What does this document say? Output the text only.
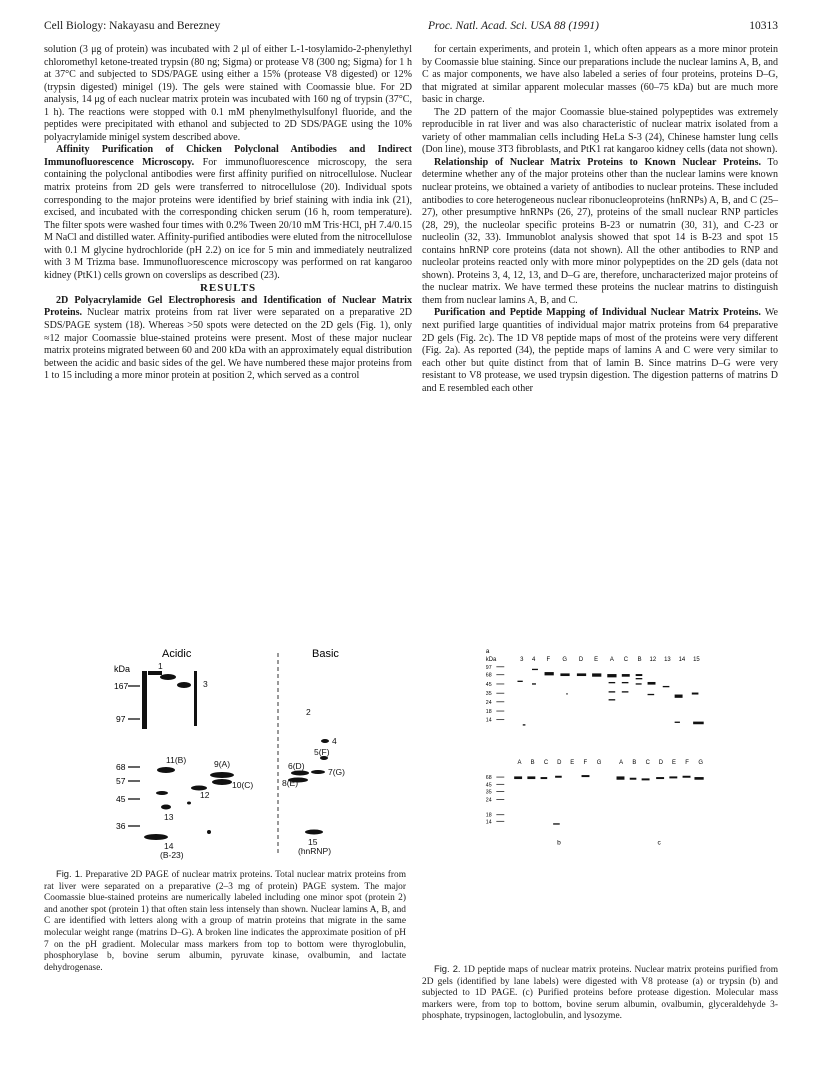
Cell Biology: Nakayasu and Berezney	Proc. Natl. Acad. Sci. USA 88 (1991)	10313

solution (3 μg of protein) was incubated with 2 μl of either L-1-tosylamido-2-phenylethyl chloromethyl ketone-treated trypsin (80 ng; Sigma) or protease V8 (300 ng; Sigma) for 1 h at 37°C and subjected to SDS/PAGE using either a 15% (protease V8 digested) or 12% (trypsin digested) minigel (19). The gels were stained with Coomassie blue. For 2D analysis, 14 μg of each nuclear matrix protein was incubated with 160 ng of trypsin (37°C, 1 h). The reactions were stopped with 0.1 mM phenylmethylsulfonyl fluoride, and the peptides were precipitated with ethanol and subjected to 2D SDS/PAGE using the 10% polyacrylamide minigel system described above.

Affinity Purification of Chicken Polyclonal Antibodies and Indirect Immunofluorescence Microscopy. For immunofluorescence microscopy, the sera containing the polyclonal antibodies were first affinity purified on nitrocellulose. Nuclear matrix proteins from 2D gels were transferred to nitrocellulose (20). Individual spots corresponding to the major proteins were identified by brief staining with india ink (21), excised, and incubated with the corresponding chicken serum (16 h, room temperature). The filter spots were washed four times with 0.2% Tween 20/10 mM Tris·HCl, pH 7.4/0.15 M NaCl and distilled water. Affinity-purified antibodies were eluted from the nitrocellulose with 0.1 M glycine hydrochloride (pH 2.2) on ice for 5 min and immediately neutralized with 3 M Trizma base. Immunofluorescence microscopy was performed on rat kangaroo kidney (PtK1) cells grown on coverslips as described (23).

RESULTS

2D Polyacrylamide Gel Electrophoresis and Identification of Nuclear Matrix Proteins. Nuclear matrix proteins from rat liver were separated on a preparative 2D SDS/PAGE system (18). Whereas >50 spots were detected on the 2D gels (Fig. 1), only ≈12 major Coomassie blue-stained proteins were present. Most of these major nuclear matrix proteins migrated between 60 and 200 kDa with an approximately equal distribution between the acidic and basic sides of the gel. We have numbered these major proteins from 1 to 15 including a more minor protein at position 2, which served as a control

for certain experiments, and protein 1, which often appears as a more minor protein by Coomassie blue staining. Since our preparations include the nuclear lamins A, B, and C as major components, we have also labeled a series of four proteins, proteins D–G, that migrated at similar apparent molecular masses (60–75 kDa) but are much more basic in charge.

The 2D pattern of the major Coomassie blue-stained polypeptides was extremely reproducible in rat liver and was also characteristic of nuclear matrix isolated from a variety of other mammalian cells including HeLa S-3 (24), Chinese hamster lung cells (Don line), mouse 3T3 fibroblasts, and PtK1 rat kangaroo kidney cells (data not shown).

Relationship of Nuclear Matrix Proteins to Known Nuclear Proteins. To determine whether any of the major proteins other than the nuclear lamins were known nuclear proteins, we obtained a variety of antibodies to nuclear proteins. These included antibodies to core heterogeneous nuclear ribonucleoproteins (hnRNPs) A, B, and C (25–27), other presumptive hnRNPs (26, 27), proteins of the small nuclear RNP particles (28, 29), the nucleolar specific proteins B-23 or numatrin (30, 31), and C-23 or nucleolin (32, 33). Immunoblot analysis showed that spot 14 is B-23 and spot 15 contains hnRNP core proteins (data not shown). All the other antibodies to RNP and nucleolar proteins reacted only with more minor polypeptides on the 2D gels (data not shown). Proteins 3, 4, 12, 13, and D–G are, therefore, uncharacterized major proteins of the nuclear matrix. We have termed these proteins the nuclear matrins to distinguish them from nuclear lamins A, B, and C.

Purification and Peptide Mapping of Individual Nuclear Matrix Proteins. We next purified large quantities of individual major matrix proteins from 64 preparative 2D gels (Fig. 2c). The 1D V8 peptide maps of most of the proteins were very different (Fig. 2a). As reported (34), the peptide maps of lamins A and C were very similar to each other but quite distinct from that of lamin B. Since matrins D–G were very resistant to V8 protease, we used trypsin digestion. The digestion patterns of matrins D and E resembled each other

Acidic	Basic
kDa
167
97
68
57
45
36
1
3
11(B)	9(A)
10(C)
12
13
14
(B-23)
2
4
5(F)
6(D)
7(G)
8(E)
15
(hnRNP)
Fig. 1. Preparative 2D PAGE of nuclear matrix proteins. Total nuclear matrix proteins from rat liver were separated on a preparative (2–3 mg of protein) PAGE system. The major Coomassie blue-stained proteins are numerically labeled including one minor spot (protein 2) and another spot (protein 1) that often stain less intensely than shown. Nuclear lamins A, B, and C are identified with letters along with a group of matrin proteins that migrate in the same molecular weight range (matrins D–G). A broken line indicates the approximate position of pH 7 on the pH gradient. Molecular mass markers from top to bottom were thyroglobulin, phosphorylase b, bovine serum albumin, pyruvate kinase, ovalbumin, and lactate dehydrogenase.
a
kDa	3 4 F G D E A C B 12 13 14 15
97
68
45
35
24
18
14
A B C D E F G A B C D E F G
68
45
35
24
18
14
b	c
Fig. 2. 1D peptide maps of nuclear matrix proteins. Nuclear matrix proteins purified from 2D gels (identified by lane labels) were digested with V8 protease (a) or trypsin (b) and subjected to 1D PAGE. (c) Purified proteins before protease digestion. Molecular mass markers were, from top to bottom, bovine serum albumin, ovalbumin, glyceraldehyde 3-phosphate, trypsinogen, lactoglobulin, and lysozyme.
